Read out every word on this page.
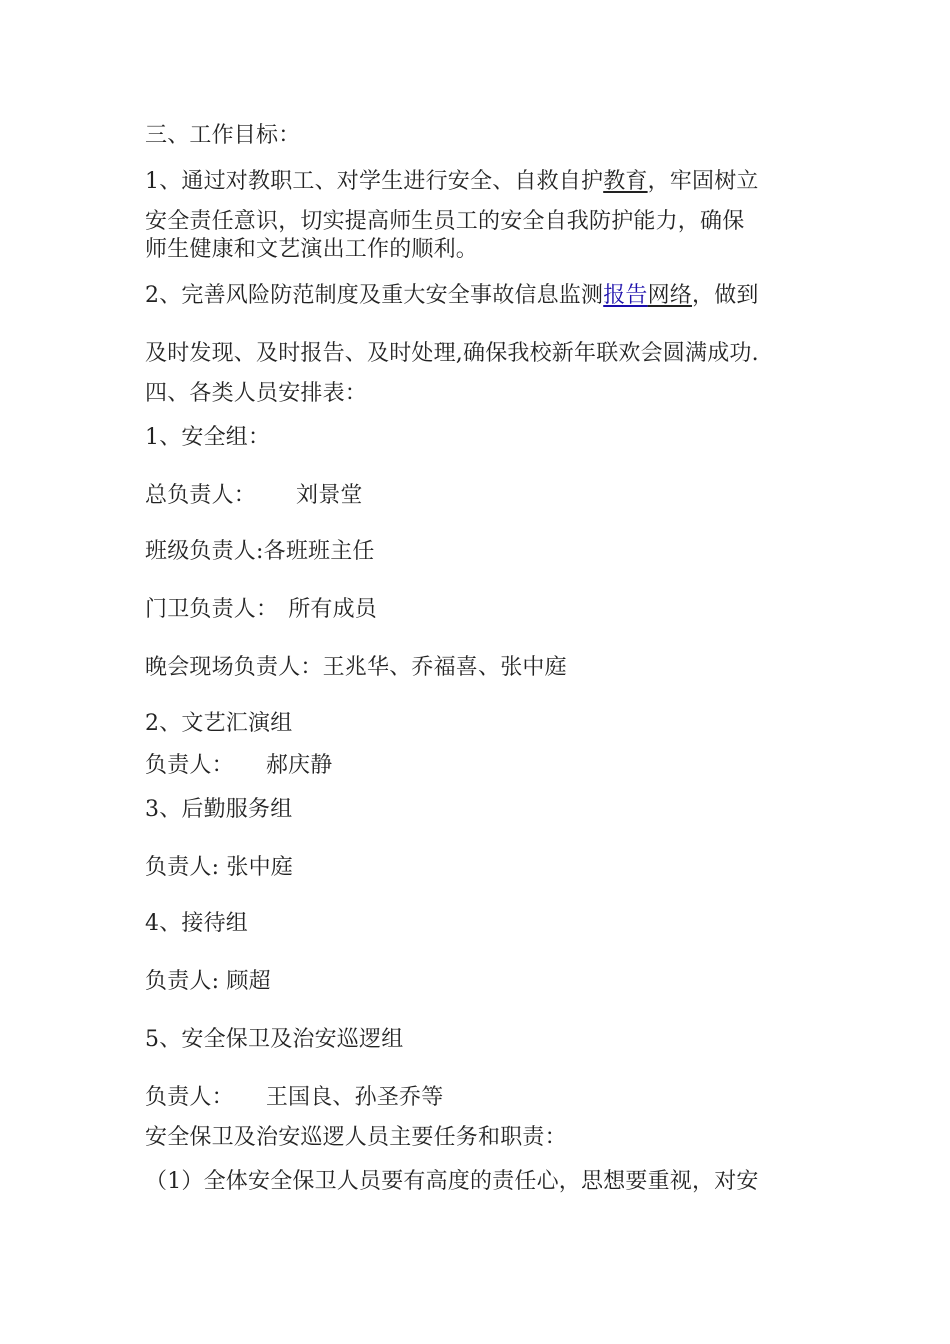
三、工作目标：
1、通过对教职工、对学生进行安全、自救自护教育，牢固树立
安全责任意识，切实提高师生员工的安全自我防护能力，确保
师生健康和文艺演出工作的顺利。
2、完善风险防范制度及重大安全事故信息监测报告网络，做到
及时发现、及时报告、及时处理,确保我校新年联欢会圆满成功.
四、各类人员安排表：
1、安全组：
总负责人： 刘景堂
班级负责人:各班班主任
门卫负责人： 所有成员
晚会现场负责人：王兆华、乔福喜、张中庭
2、文艺汇演组
负责人： 郝庆静
3、后勤服务组
负责人: 张中庭
4、接待组
负责人: 顾超
5、安全保卫及治安巡逻组
负责人： 王国良、孙圣乔等
安全保卫及治安巡逻人员主要任务和职责：
（1）全体安全保卫人员要有高度的责任心，思想要重视，对安
